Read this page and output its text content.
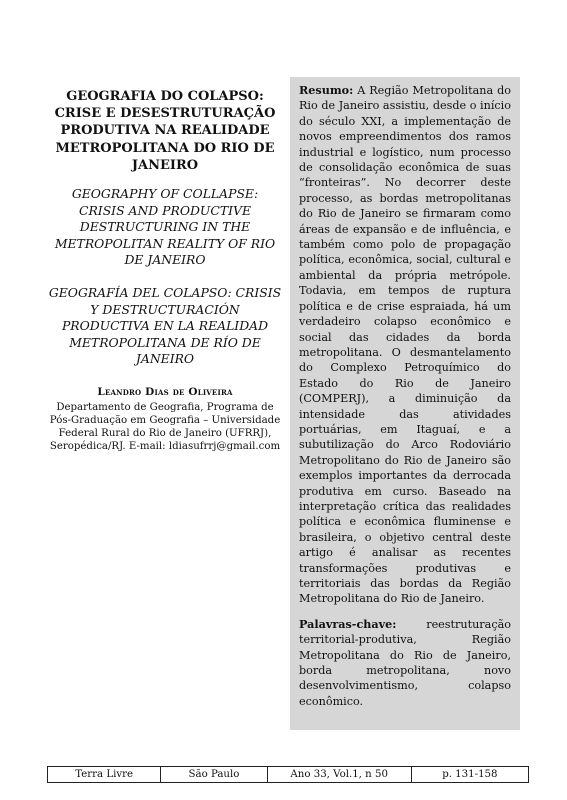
GEOGRAFIA DO COLAPSO: CRISE E DESESTRUTURAÇÃO PRODUTIVA NA REALIDADE METROPOLITANA DO RIO DE JANEIRO
GEOGRAPHY OF COLLAPSE: CRISIS AND PRODUCTIVE DESTRUCTURING IN THE METROPOLITAN REALITY OF RIO DE JANEIRO
GEOGRAFÍA DEL COLAPSO: CRISIS Y DESTRUCTURACIÓN PRODUCTIVA EN LA REALIDAD METROPOLITANA DE RÍO DE JANEIRO
Leandro Dias de Oliveira
Departamento de Geografia, Programa de Pós-Graduação em Geografia – Universidade Federal Rural do Rio de Janeiro (UFRRJ), Seropédica/RJ. E-mail: ldiasufrrj@gmail.com

Resumo: A Região Metropolitana do Rio de Janeiro assistiu, desde o início do século XXI, a implementação de novos empreendimentos dos ramos industrial e logístico, num processo de consolidação econômica de suas “fronteiras”. No decorrer deste processo, as bordas metropolitanas do Rio de Janeiro se firmaram como áreas de expansão e de influência, e também como polo de propagação política, econômica, social, cultural e ambiental da própria metrópole. Todavia, em tempos de ruptura política e de crise espraiada, há um verdadeiro colapso econômico e social das cidades da borda metropolitana. O desmantelamento do Complexo Petroquímico do Estado do Rio de Janeiro (COMPERJ), a diminuição da intensidade das atividades portuárias, em Itaguaí, e a subutilização do Arco Rodoviário Metropolitano do Rio de Janeiro são exemplos importantes da derrocada produtiva em curso. Baseado na interpretação crítica das realidades política e econômica fluminense e brasileira, o objetivo central deste artigo é analisar as recentes transformações produtivas e territoriais das bordas da Região Metropolitana do Rio de Janeiro.

Palavras-chave:	reestruturação territorial-produtiva, Região Metropolitana do Rio de Janeiro, borda metropolitana, novo desenvolvimentismo, colapso econômico.

Terra Livre	São Paulo	Ano 33, Vol.1, n 50	p. 131-158
